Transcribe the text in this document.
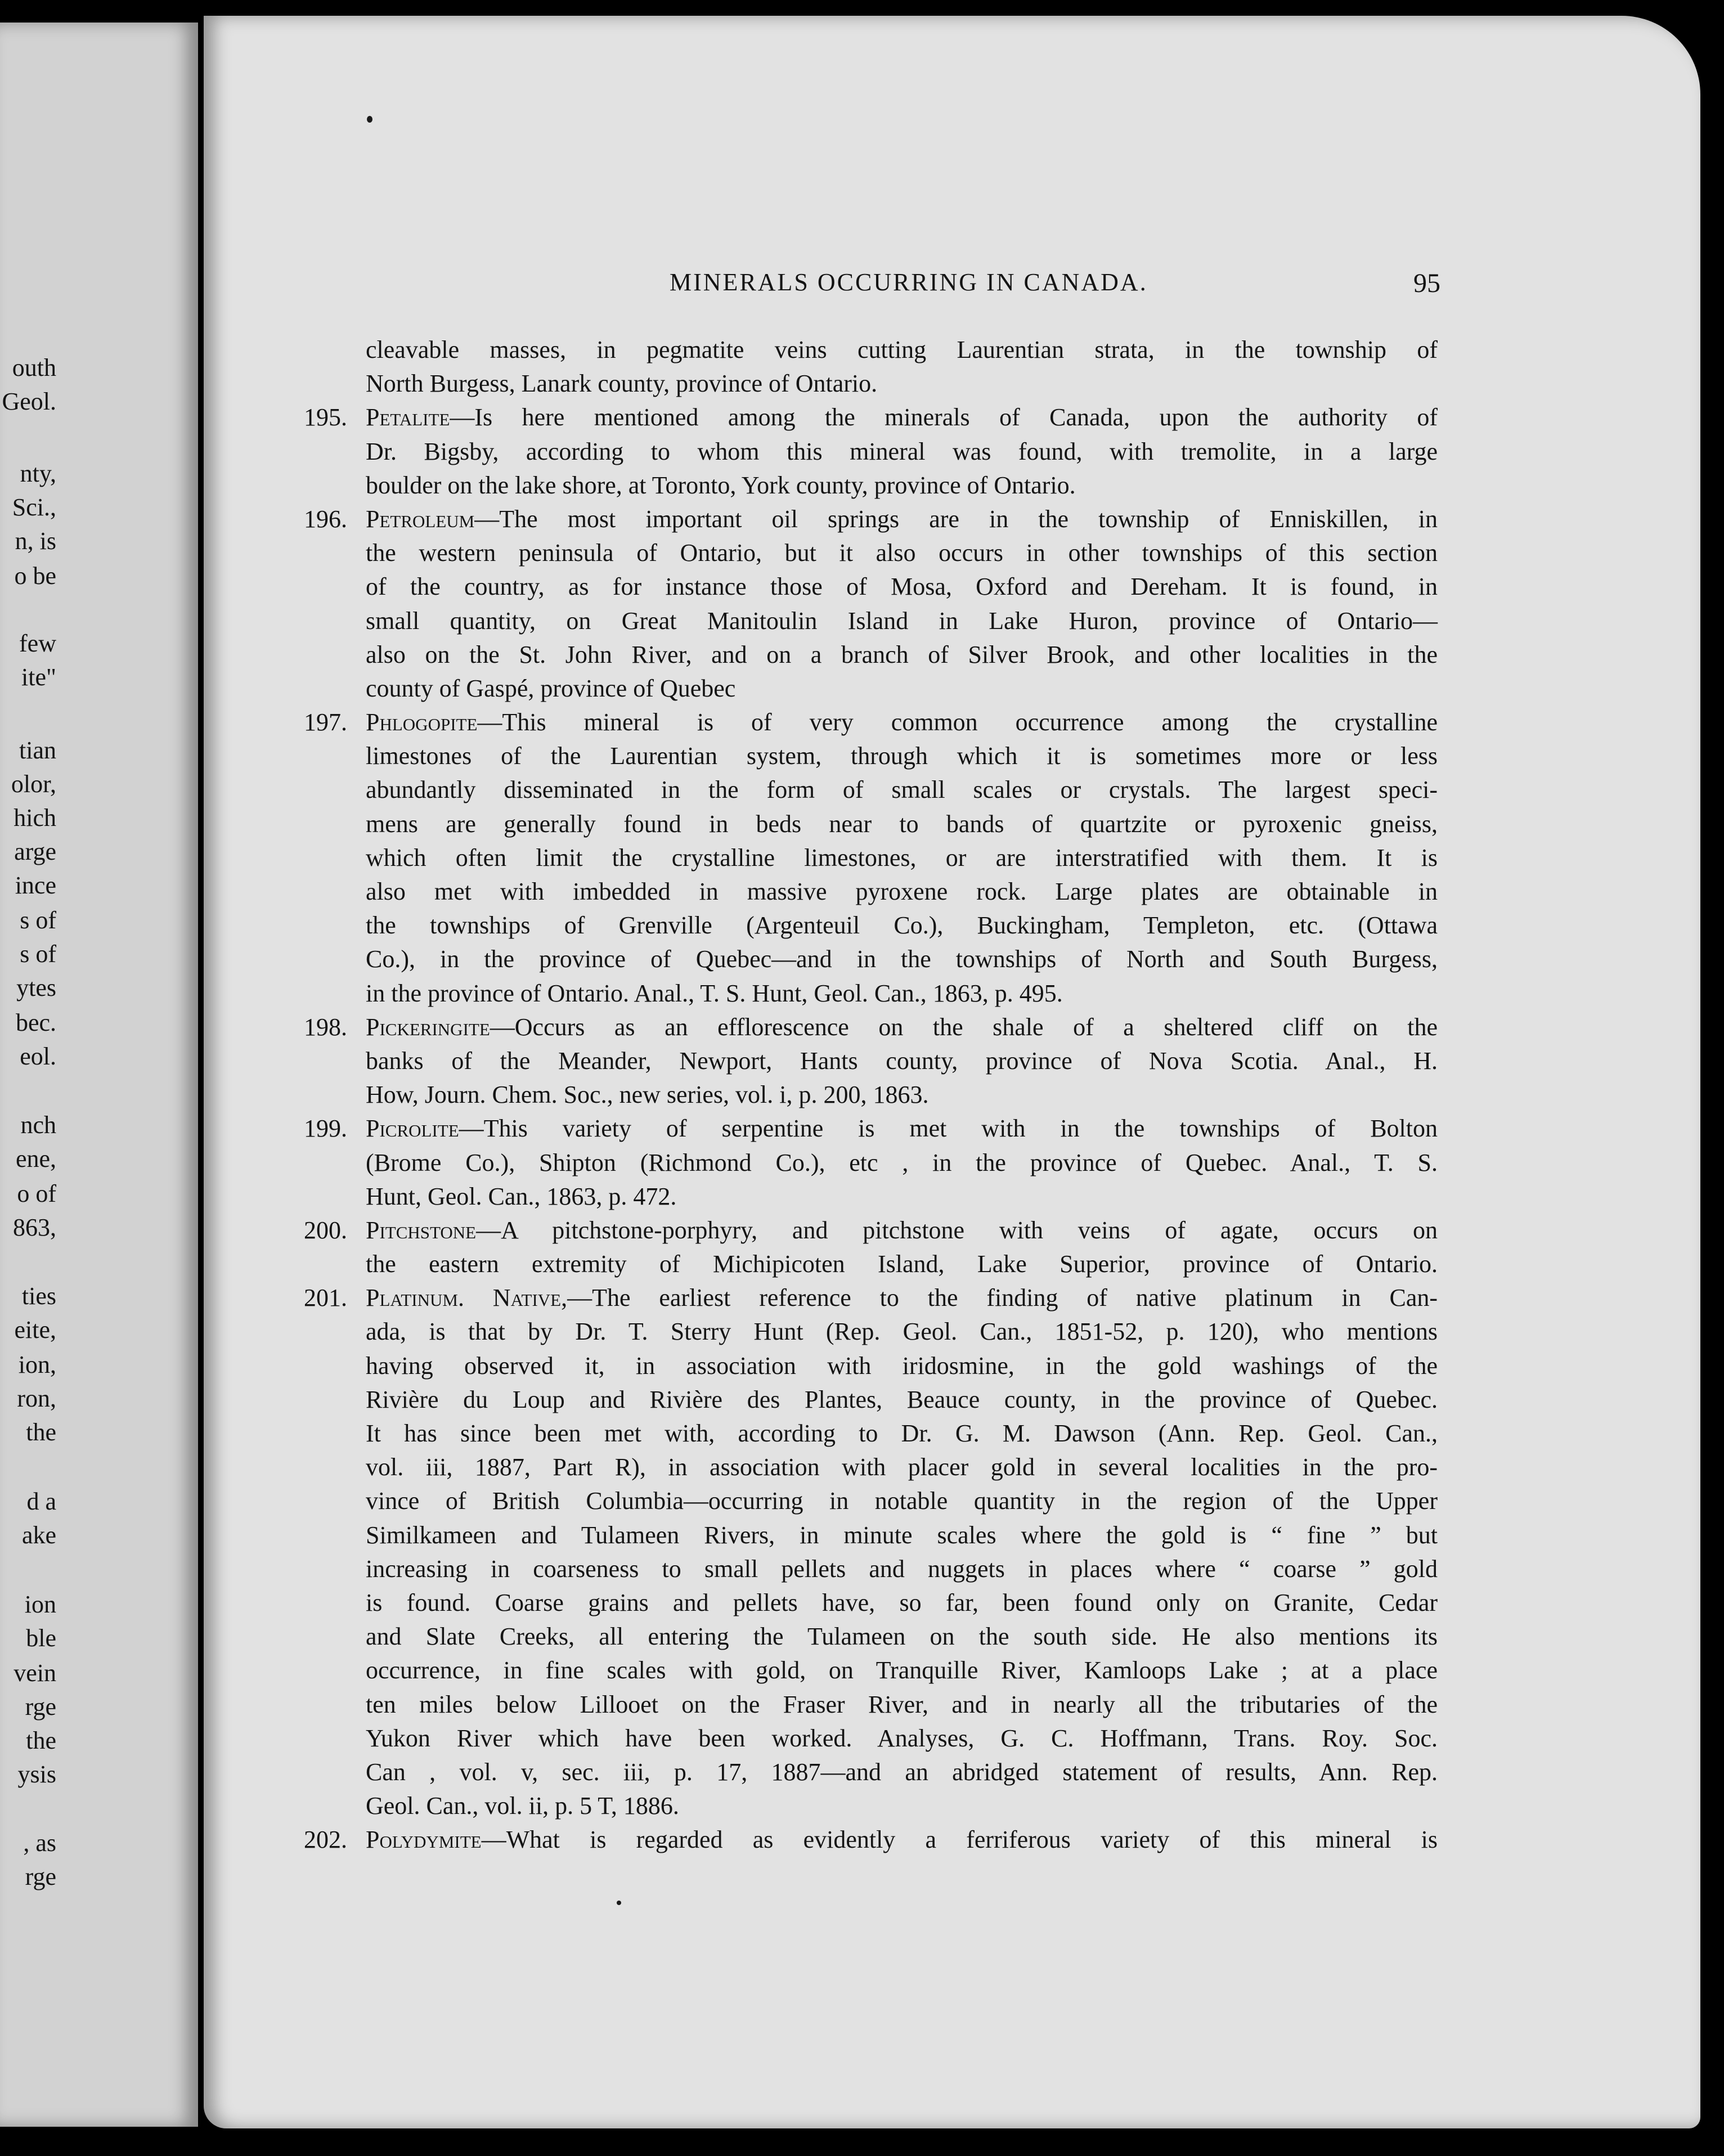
outh
Geol.
nty,
Sci.,
n, is
o be
few
ite"
tian
olor,
hich
arge
ince
s of
s of
ytes
bec.
eol.
nch
ene,
o of
863,
ties
eite,
ion,
ron,
the
d a
ake
ion
ble
vein
rge
the
ysis
, as
rge
MINERALS OCCURRING IN CANADA.	95
cleavable masses, in pegmatite veins cutting Laurentian strata, in the township of
North Burgess, Lanark county, province of Ontario.
195. Petalite—Is here mentioned among the minerals of Canada, upon the authority of
Dr. Bigsby, according to whom this mineral was found, with tremolite, in a large
boulder on the lake shore, at Toronto, York county, province of Ontario.
196. Petroleum—The most important oil springs are in the township of Enniskillen, in
the western peninsula of Ontario, but it also occurs in other townships of this section
of the country, as for instance those of Mosa, Oxford and Dereham. It is found, in
small quantity, on Great Manitoulin Island in Lake Huron, province of Ontario—
also on the St. John River, and on a branch of Silver Brook, and other localities in the
county of Gaspé, province of Quebec
197. Phlogopite—This mineral is of very common occurrence among the crystalline
limestones of the Laurentian system, through which it is sometimes more or less
abundantly disseminated in the form of small scales or crystals. The largest speci-
mens are generally found in beds near to bands of quartzite or pyroxenic gneiss,
which often limit the crystalline limestones, or are interstratified with them. It is
also met with imbedded in massive pyroxene rock. Large plates are obtainable in
the townships of Grenville (Argenteuil Co.), Buckingham, Templeton, etc. (Ottawa
Co.), in the province of Quebec—and in the townships of North and South Burgess,
in the province of Ontario. Anal., T. S. Hunt, Geol. Can., 1863, p. 495.
198. Pickeringite—Occurs as an efflorescence on the shale of a sheltered cliff on the
banks of the Meander, Newport, Hants county, province of Nova Scotia. Anal., H.
How, Journ. Chem. Soc., new series, vol. i, p. 200, 1863.
199. Picrolite—This variety of serpentine is met with in the townships of Bolton
(Brome Co.), Shipton (Richmond Co.), etc , in the province of Quebec. Anal., T. S.
Hunt, Geol. Can., 1863, p. 472.
200. Pitchstone—A pitchstone-porphyry, and pitchstone with veins of agate, occurs on
the eastern extremity of Michipicoten Island, Lake Superior, province of Ontario.
201. Platinum. Native,—The earliest reference to the finding of native platinum in Can-
ada, is that by Dr. T. Sterry Hunt (Rep. Geol. Can., 1851-52, p. 120), who mentions
having observed it, in association with iridosmine, in the gold washings of the
Rivière du Loup and Rivière des Plantes, Beauce county, in the province of Quebec.
It has since been met with, according to Dr. G. M. Dawson (Ann. Rep. Geol. Can.,
vol. iii, 1887, Part R), in association with placer gold in several localities in the pro-
vince of British Columbia—occurring in notable quantity in the region of the Upper
Similkameen and Tulameen Rivers, in minute scales where the gold is “ fine ” but
increasing in coarseness to small pellets and nuggets in places where “ coarse ” gold
is found. Coarse grains and pellets have, so far, been found only on Granite, Cedar
and Slate Creeks, all entering the Tulameen on the south side. He also mentions its
occurrence, in fine scales with gold, on Tranquille River, Kamloops Lake ; at a place
ten miles below Lillooet on the Fraser River, and in nearly all the tributaries of the
Yukon River which have been worked. Analyses, G. C. Hoffmann, Trans. Roy. Soc.
Can , vol. v, sec. iii, p. 17, 1887—and an abridged statement of results, Ann. Rep.
Geol. Can., vol. ii, p. 5 T, 1886.
202. Polydymite—What is regarded as evidently a ferriferous variety of this mineral is
